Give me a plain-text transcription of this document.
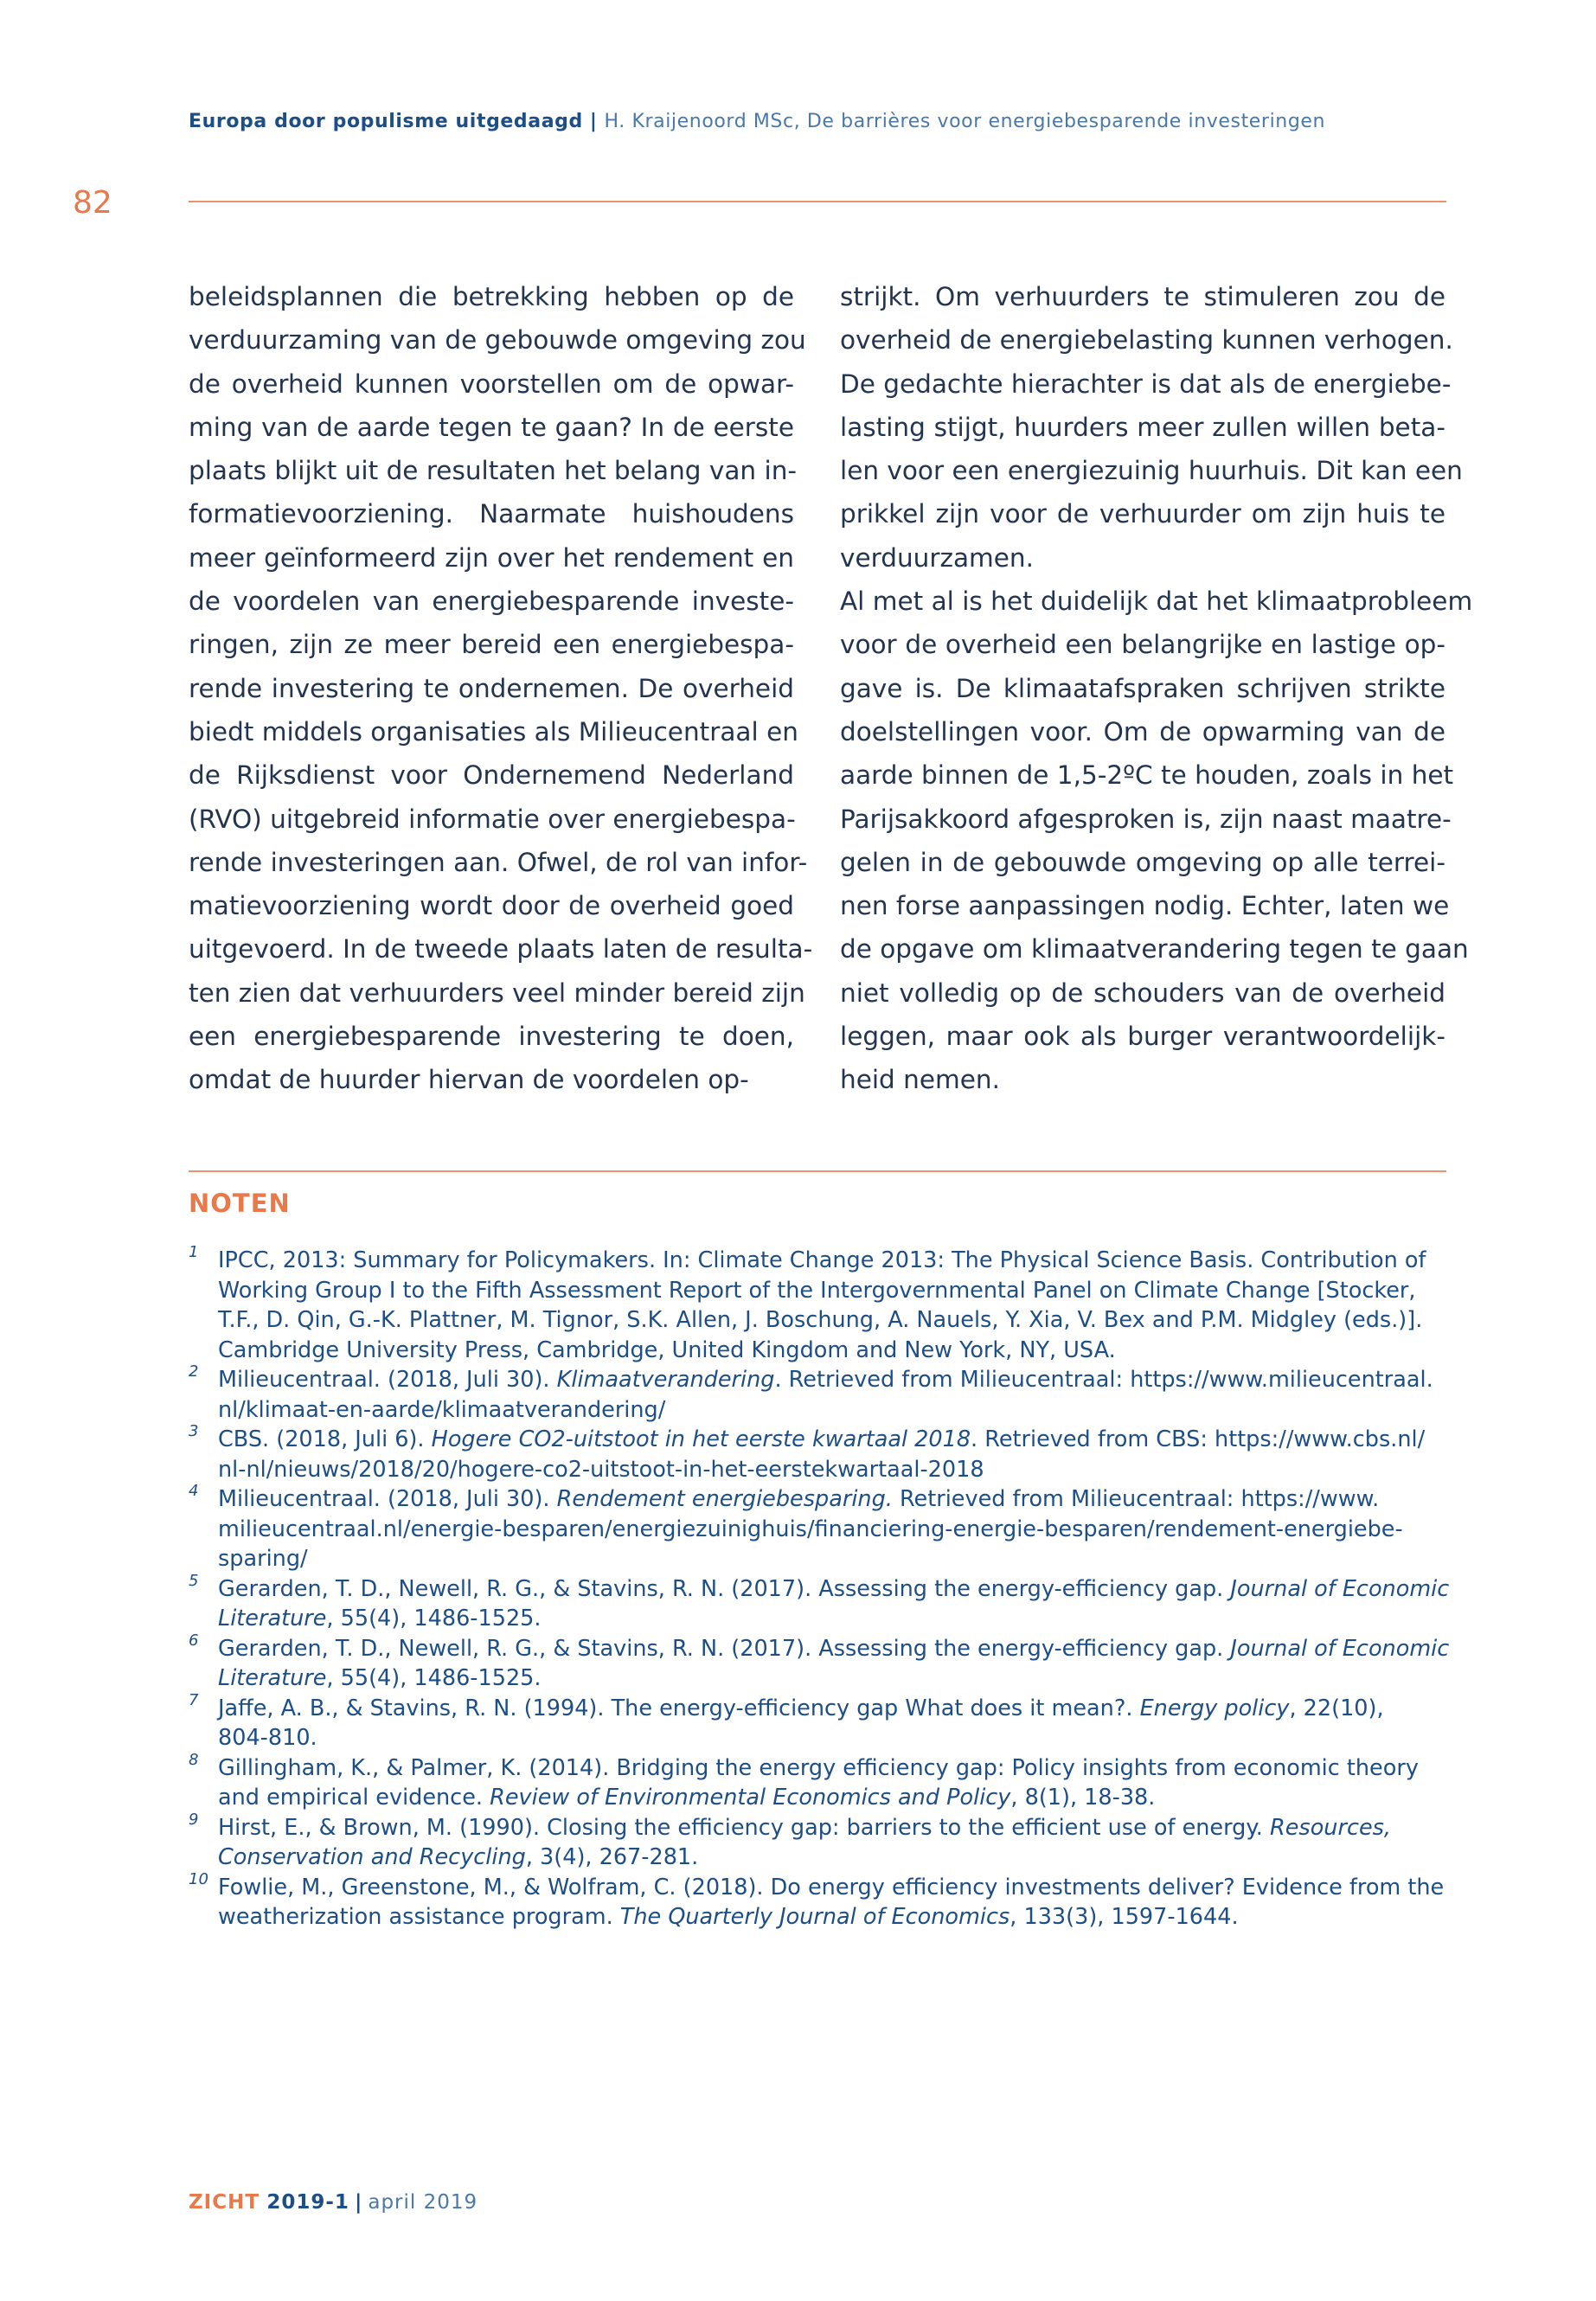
Europa door populisme uitgedaagd | H. Kraijenoord MSc, De barrières voor energiebesparende investeringen
82
beleidsplannen die betrekking hebben op de
verduurzaming van de gebouwde omgeving zou
de overheid kunnen voorstellen om de opwar-
ming van de aarde tegen te gaan? In de eerste
plaats blijkt uit de resultaten het belang van in-
formatievoorziening. Naarmate huishoudens
meer geïnformeerd zijn over het rendement en
de voordelen van energiebesparende investe-
ringen, zijn ze meer bereid een energiebespa-
rende investering te ondernemen. De overheid
biedt middels organisaties als Milieucentraal en
de Rijksdienst voor Ondernemend Nederland
(RVO) uitgebreid informatie over energiebespa-
rende investeringen aan. Ofwel, de rol van infor-
matievoorziening wordt door de overheid goed
uitgevoerd. In de tweede plaats laten de resulta-
ten zien dat verhuurders veel minder bereid zijn
een energiebesparende investering te doen,
omdat de huurder hiervan de voordelen op-
strijkt. Om verhuurders te stimuleren zou de
overheid de energiebelasting kunnen verhogen.
De gedachte hierachter is dat als de energiebe-
lasting stijgt, huurders meer zullen willen beta-
len voor een energiezuinig huurhuis. Dit kan een
prikkel zijn voor de verhuurder om zijn huis te
verduurzamen.
Al met al is het duidelijk dat het klimaatprobleem
voor de overheid een belangrijke en lastige op-
gave is. De klimaatafspraken schrijven strikte
doelstellingen voor. Om de opwarming van de
aarde binnen de 1,5-2ºC te houden, zoals in het
Parijsakkoord afgesproken is, zijn naast maatre-
gelen in de gebouwde omgeving op alle terrei-
nen forse aanpassingen nodig. Echter, laten we
de opgave om klimaatverandering tegen te gaan
niet volledig op de schouders van de overheid
leggen, maar ook als burger verantwoordelijk-
heid nemen.
NOTEN
1 IPCC, 2013: Summary for Policymakers. In: Climate Change 2013: The Physical Science Basis. Contribution of
Working Group I to the Fifth Assessment Report of the Intergovernmental Panel on Climate Change [Stocker,
T.F., D. Qin, G.-K. Plattner, M. Tignor, S.K. Allen, J. Boschung, A. Nauels, Y. Xia, V. Bex and P.M. Midgley (eds.)].
Cambridge University Press, Cambridge, United Kingdom and New York, NY, USA.
2 Milieucentraal. (2018, Juli 30). Klimaatverandering. Retrieved from Milieucentraal: https://www.milieucentraal.
nl/klimaat-en-aarde/klimaatverandering/
3 CBS. (2018, Juli 6). Hogere CO2-uitstoot in het eerste kwartaal 2018. Retrieved from CBS: https://www.cbs.nl/
nl-nl/nieuws/2018/20/hogere-co2-uitstoot-in-het-eerstekwartaal-2018
4 Milieucentraal. (2018, Juli 30). Rendement energiebesparing. Retrieved from Milieucentraal: https://www.
milieucentraal.nl/energie-besparen/energiezuinighuis/financiering-energie-besparen/rendement-energiebe-
sparing/
5 Gerarden, T. D., Newell, R. G., & Stavins, R. N. (2017). Assessing the energy-efficiency gap. Journal of Economic
Literature, 55(4), 1486-1525.
6 Gerarden, T. D., Newell, R. G., & Stavins, R. N. (2017). Assessing the energy-efficiency gap. Journal of Economic
Literature, 55(4), 1486-1525.
7 Jaffe, A. B., & Stavins, R. N. (1994). The energy-efficiency gap What does it mean?. Energy policy, 22(10),
804-810.
8 Gillingham, K., & Palmer, K. (2014). Bridging the energy efficiency gap: Policy insights from economic theory
and empirical evidence. Review of Environmental Economics and Policy, 8(1), 18-38.
9 Hirst, E., & Brown, M. (1990). Closing the efficiency gap: barriers to the efficient use of energy. Resources,
Conservation and Recycling, 3(4), 267-281.
10 Fowlie, M., Greenstone, M., & Wolfram, C. (2018). Do energy efficiency investments deliver? Evidence from the
weatherization assistance program. The Quarterly Journal of Economics, 133(3), 1597-1644.
ZICHT 2019-1 | april 2019
